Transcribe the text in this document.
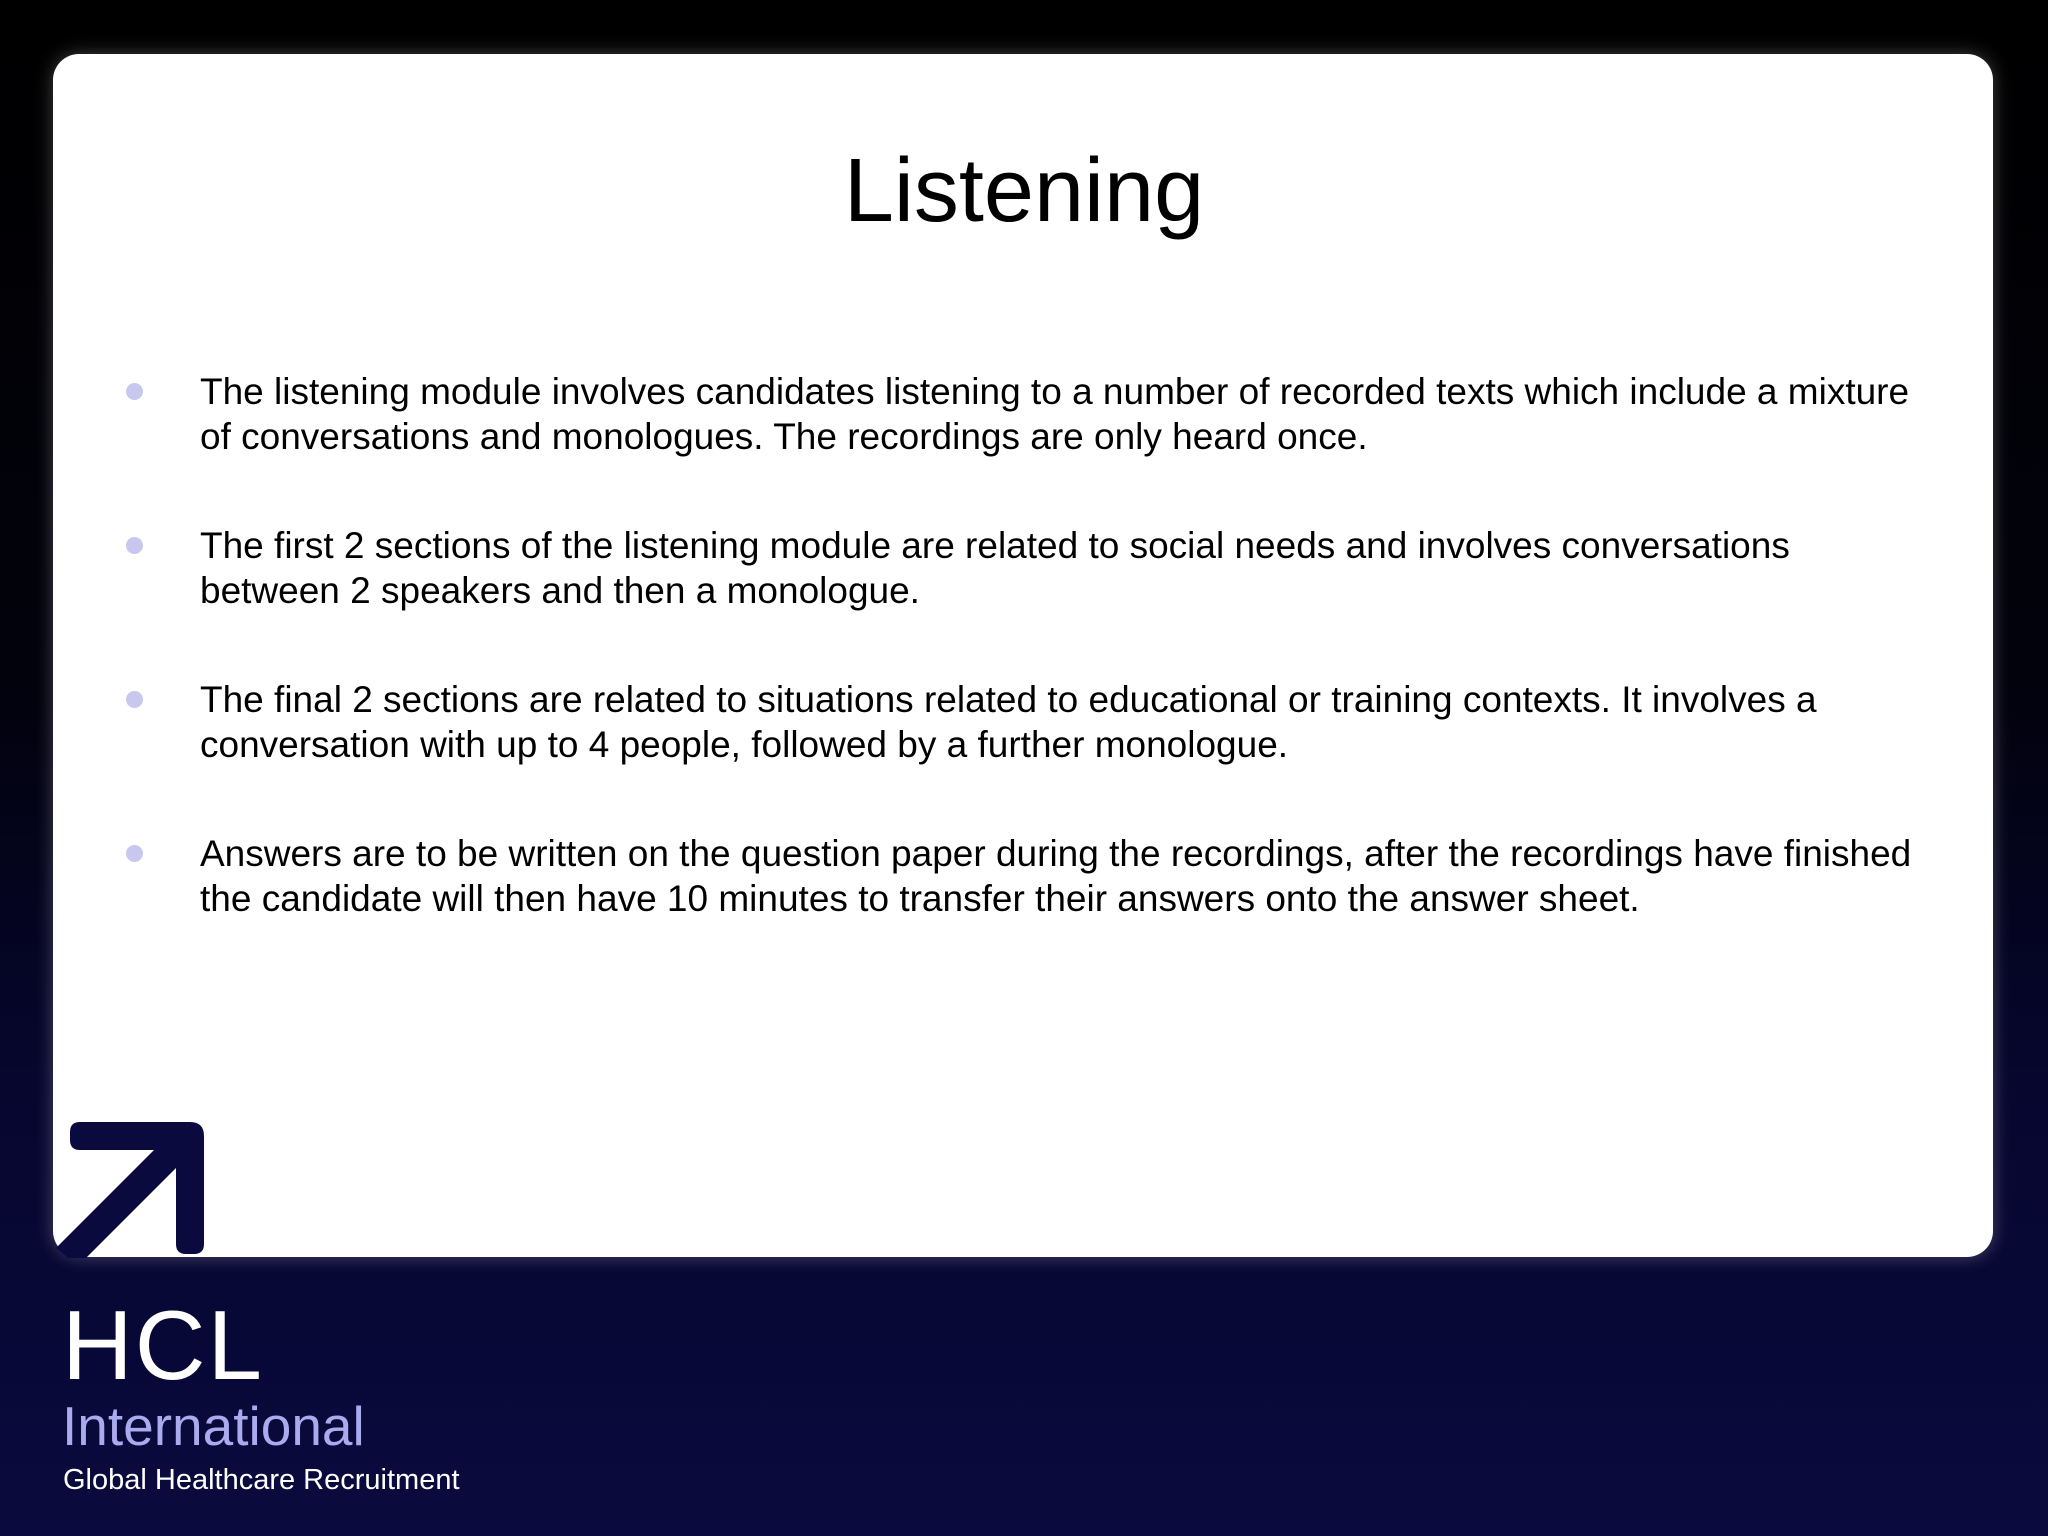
Listening

The listening module involves candidates listening to a number of recorded texts which include a mixture of conversations and monologues. The recordings are only heard once.

The first 2 sections of the listening module are related to social needs and involves conversations between 2 speakers and then a monologue.

The final 2 sections are related to situations related to educational or training contexts. It involves a conversation with up to 4 people, followed by a further monologue.

Answers are to be written on the question paper during the recordings, after the recordings have finished the candidate will then have 10 minutes to transfer their answers onto the answer sheet.

HCL
International
Global Healthcare Recruitment
